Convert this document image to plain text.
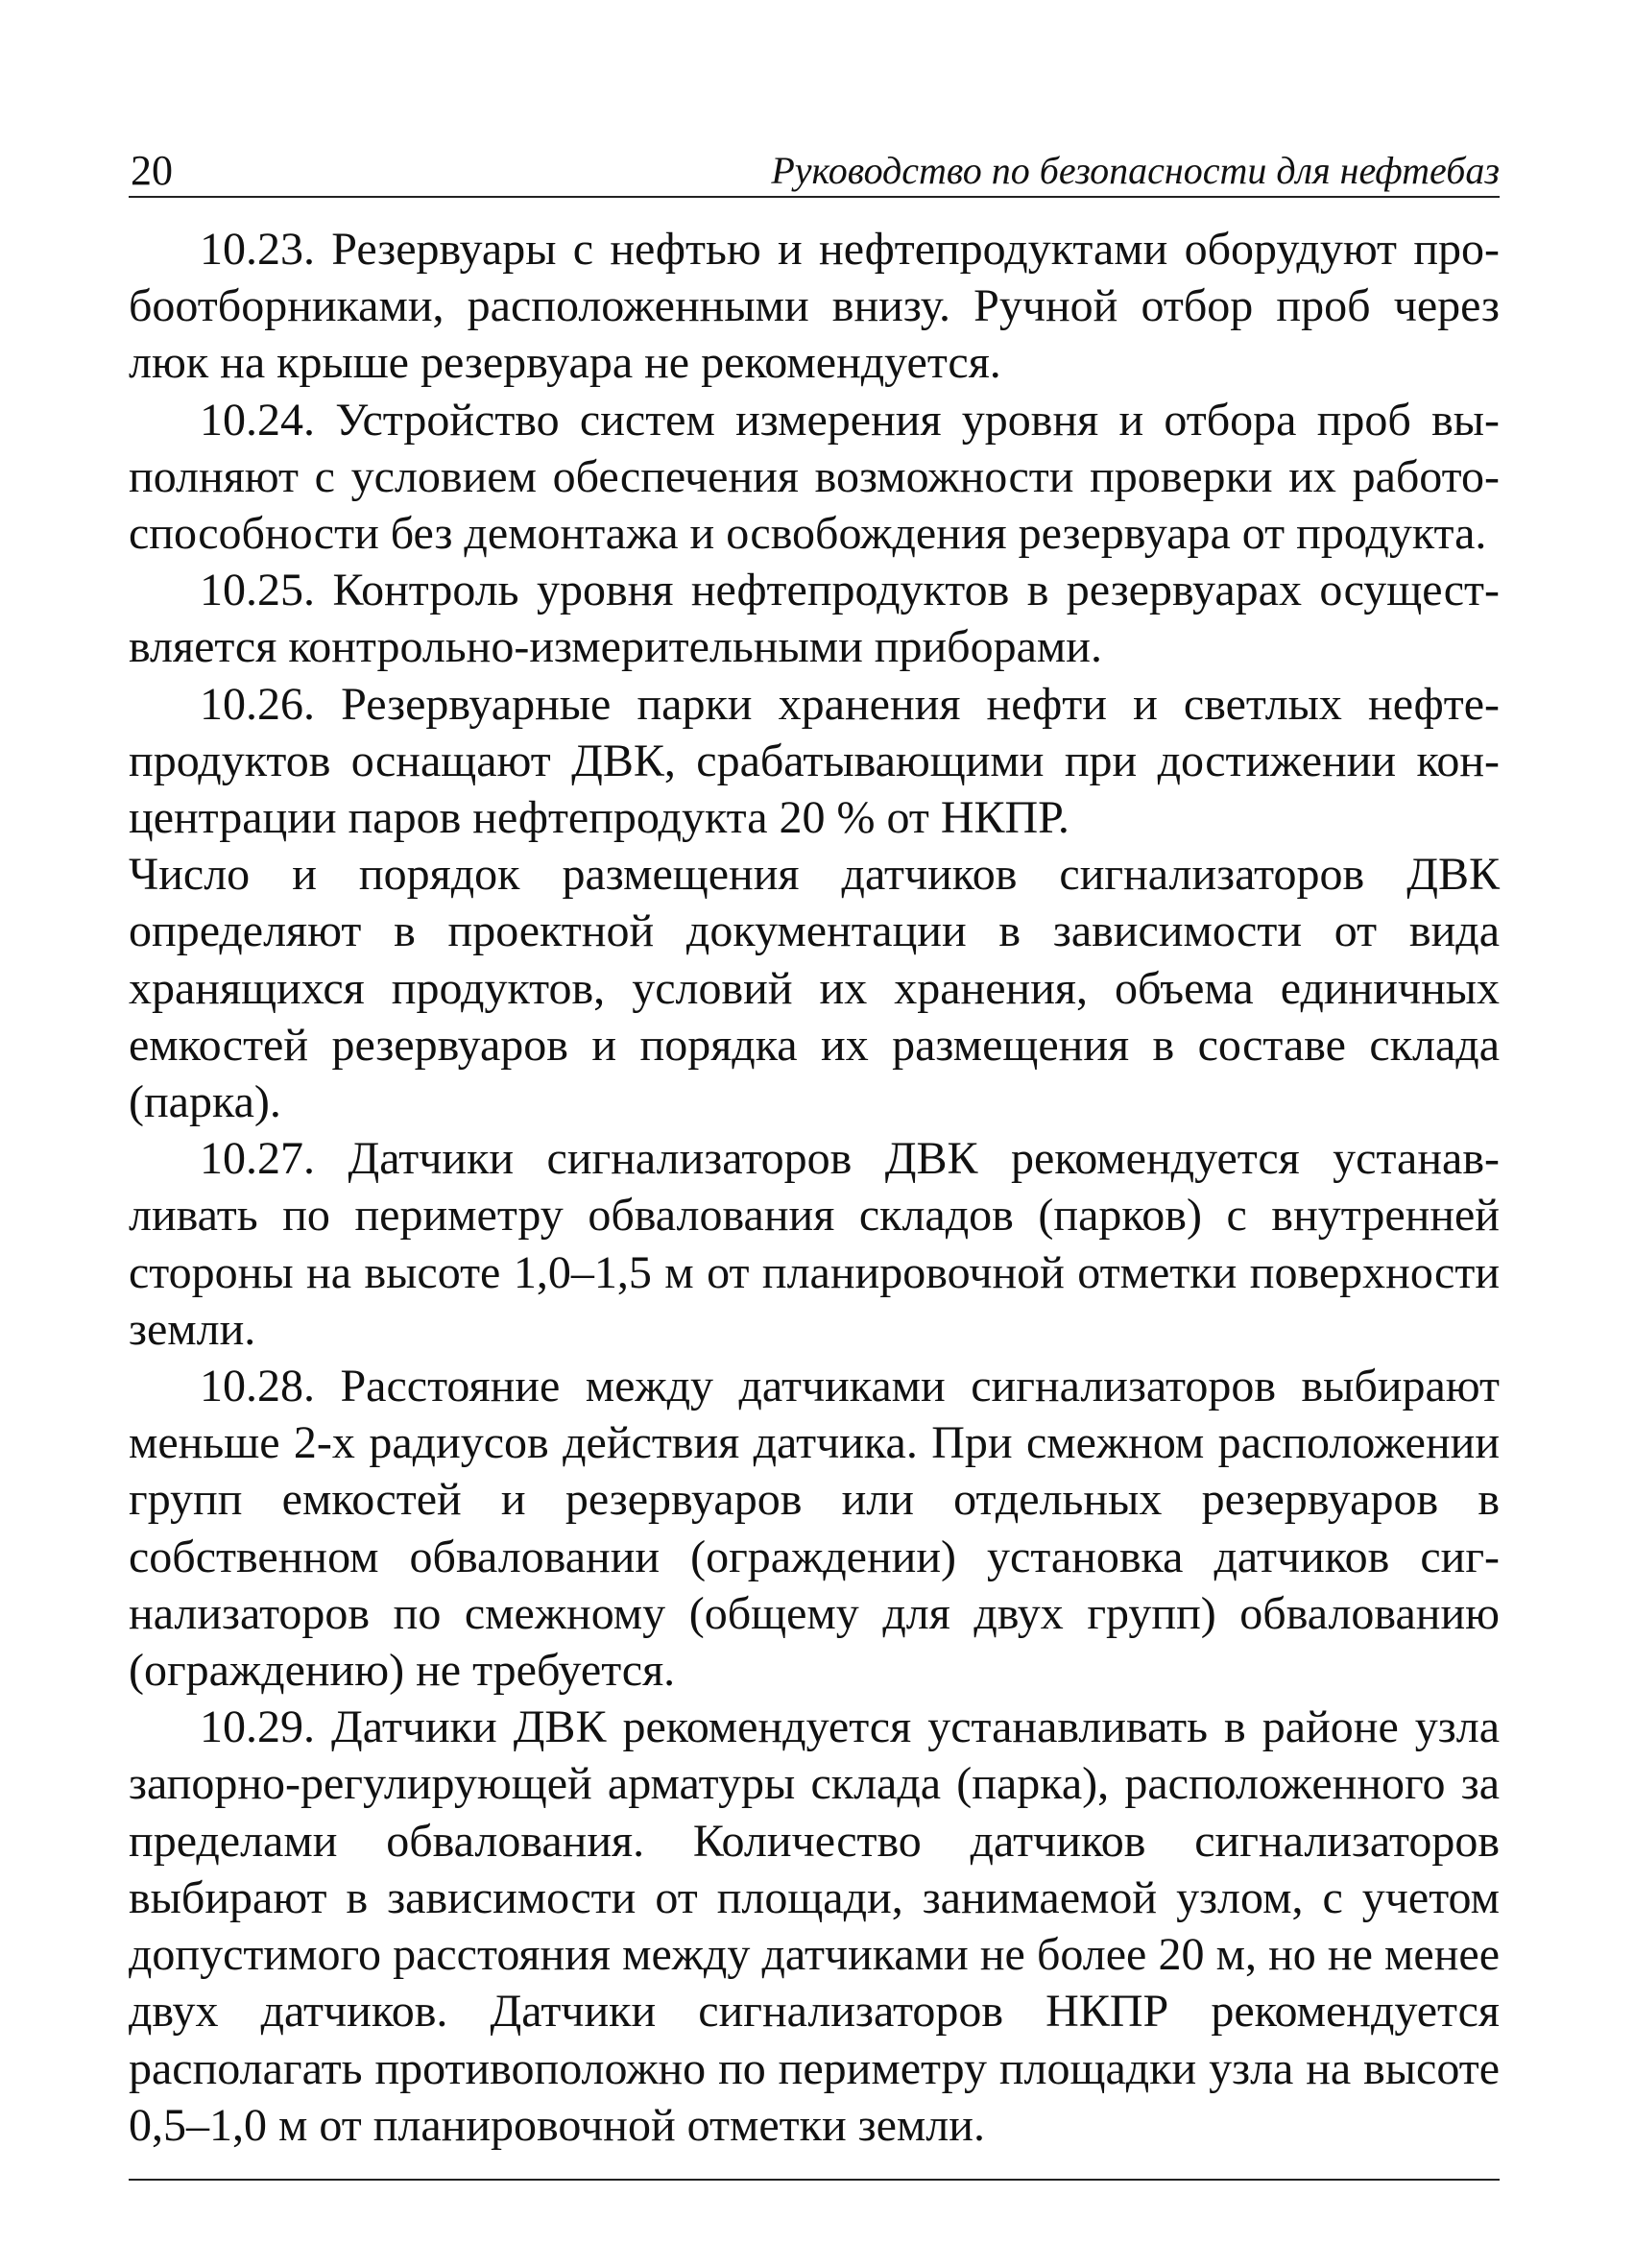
20	Руководство по безопасности для нефтебаз

10.23. Резервуары с нефтью и нефтепродуктами оборудуют пробоотборниками, расположенными внизу. Ручной отбор проб через люк на крыше резервуара не рекомендуется.

10.24. Устройство систем измерения уровня и отбора проб выполняют с условием обеспечения возможности проверки их работоспособности без демонтажа и освобождения резервуара от продукта.

10.25. Контроль уровня нефтепродуктов в резервуарах осуществляется контрольно-измерительными приборами.

10.26. Резервуарные парки хранения нефти и светлых нефтепродуктов оснащают ДВК, срабатывающими при достижении концентрации паров нефтепродукта 20 % от НКПР.

Число и порядок размещения датчиков сигнализаторов ДВК определяют в проектной документации в зависимости от вида хранящихся продуктов, условий их хранения, объема единичных емкостей резервуаров и порядка их размещения в составе склада (парка).

10.27. Датчики сигнализаторов ДВК рекомендуется устанавливать по периметру обвалования складов (парков) с внутренней стороны на высоте 1,0–1,5 м от планировочной отметки поверхности земли.

10.28. Расстояние между датчиками сигнализаторов выбирают меньше 2-х радиусов действия датчика. При смежном расположении групп емкостей и резервуаров или отдельных резервуаров в собственном обваловании (ограждении) установка датчиков сигнализаторов по смежному (общему для двух групп) обвалованию (ограждению) не требуется.

10.29. Датчики ДВК рекомендуется устанавливать в районе узла запорно-регулирующей арматуры склада (парка), расположенного за пределами обвалования. Количество датчиков сигнализаторов выбирают в зависимости от площади, занимаемой узлом, с учетом допустимого расстояния между датчиками не более 20 м, но не менее двух датчиков. Датчики сигнализаторов НКПР рекомендуется располагать противоположно по периметру площадки узла на высоте 0,5–1,0 м от планировочной отметки земли.
